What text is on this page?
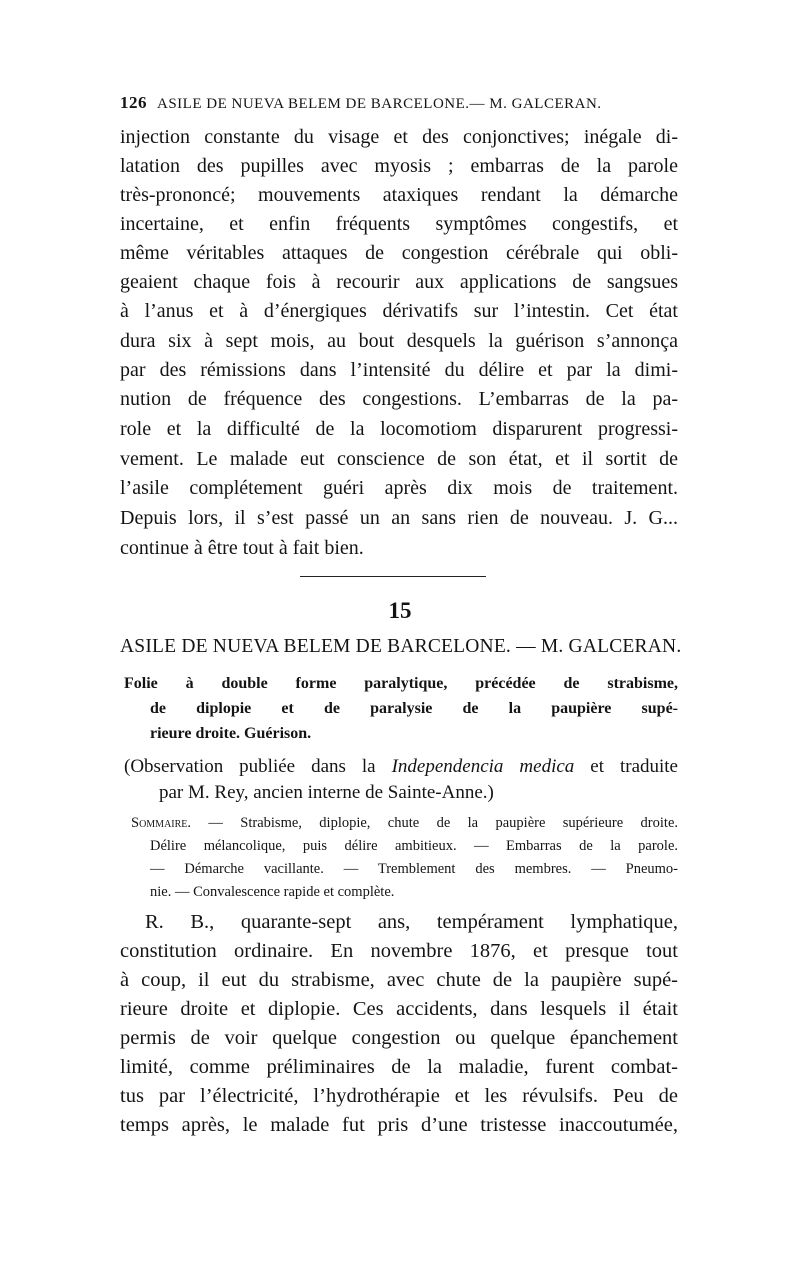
126 ASILE DE NUEVA BELEM DE BARCELONE.— M. GALCERAN.
injection constante du visage et des conjonctives; inégale di-
latation des pupilles avec myosis ; embarras de la parole
très-prononcé; mouvements ataxiques rendant la démarche
incertaine, et enfin fréquents symptômes congestifs, et
même véritables attaques de congestion cérébrale qui obli-
geaient chaque fois à recourir aux applications de sangsues
à l’anus et à d’énergiques dérivatifs sur l’intestin. Cet état
dura six à sept mois, au bout desquels la guérison s’annonça
par des rémissions dans l’intensité du délire et par la dimi-
nution de fréquence des congestions. L’embarras de la pa-
role et la difficulté de la locomotiom disparurent progressi-
vement. Le malade eut conscience de son état, et il sortit de
l’asile complétement guéri après dix mois de traitement.
Depuis lors, il s’est passé un an sans rien de nouveau. J. G...
continue à être tout à fait bien.
15
ASILE DE NUEVA BELEM DE BARCELONE. — M. GALCERAN.
Folie à double forme paralytique, précédée de strabisme,
de diplopie et de paralysie de la paupière supé-
rieure droite. Guérison.
(Observation publiée dans la Independencia medica et traduite
par M. Rey, ancien interne de Sainte-Anne.)
Sommaire. — Strabisme, diplopie, chute de la paupière supérieure droite.
Délire mélancolique, puis délire ambitieux. — Embarras de la parole.
— Démarche vacillante. — Tremblement des membres. — Pneumo-
nie. — Convalescence rapide et complète.
R. B., quarante-sept ans, tempérament lymphatique,
constitution ordinaire. En novembre 1876, et presque tout
à coup, il eut du strabisme, avec chute de la paupière supé-
rieure droite et diplopie. Ces accidents, dans lesquels il était
permis de voir quelque congestion ou quelque épanchement
limité, comme préliminaires de la maladie, furent combat-
tus par l’électricité, l’hydrothérapie et les révulsifs. Peu de
temps après, le malade fut pris d’une tristesse inaccoutumée,
